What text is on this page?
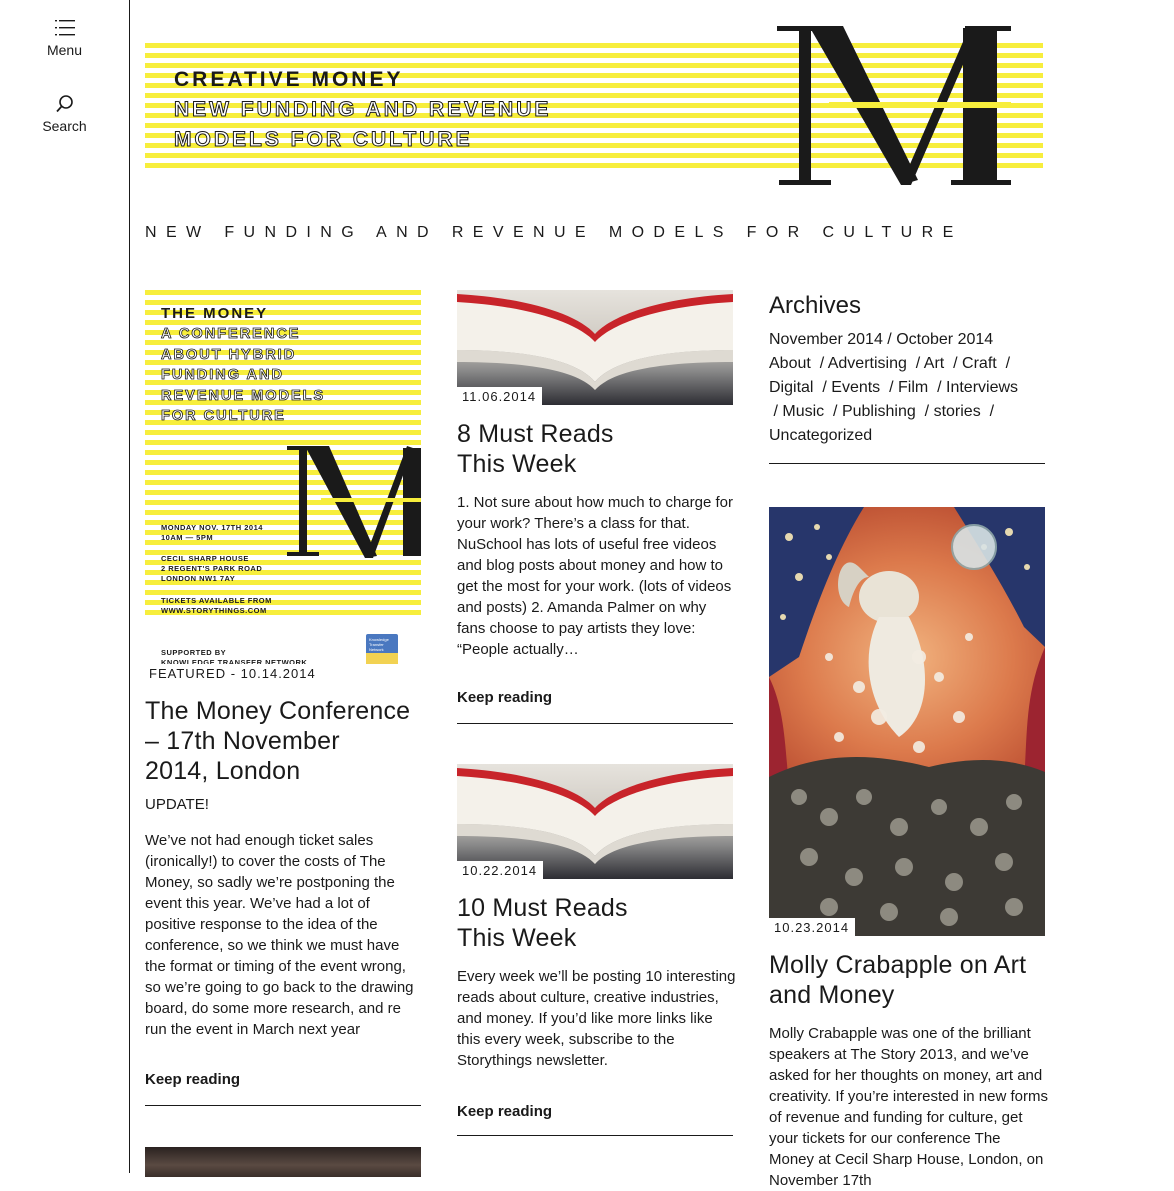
Menu
Search
CREATIVE MONEY
NEW FUNDING AND REVENUE
MODELS FOR CULTURE
NEW FUNDING AND REVENUE MODELS FOR CULTURE
THE MONEY
A CONFERENCE
ABOUT HYBRID
FUNDING AND
REVENUE MODELS
FOR CULTURE
MONDAY NOV. 17TH 2014
10AM — 5PM
CECIL SHARP HOUSE
2 REGENT'S PARK ROAD
LONDON NW1 7AY
TICKETS AVAILABLE FROM
WWW.STORYTHINGS.COM
SUPPORTED BY
KNOWLEDGE TRANSFER NETWORK
Knowledge Transfer Network
FEATURED - 10.14.2014
The Money Conference
– 17th November
2014, London

UPDATE!

We’ve not had enough ticket sales (ironically!) to cover the costs of The Money, so sadly we’re postponing the event this year. We’ve had a lot of positive response to the idea of the conference, so we think we must have the format or timing of the event wrong, so we’re going to go back to the drawing board, do some more research, and re run the event in March next year

Keep reading
11.06.2014
8 Must Reads
This Week

1. Not sure about how much to charge for your work? There’s a class for that. NuSchool has lots of useful free videos and blog posts about money and how to get the most for your work. (lots of videos and posts) 2. Amanda Palmer on why fans choose to pay artists they love: “People actually…

Keep reading
10.22.2014
10 Must Reads
This Week

Every week we’ll be posting 10 interesting reads about culture, creative industries, and money. If you’d like more links like this every week, subscribe to the Storythings newsletter.

Keep reading
Archives
November 2014 / October 2014
About / Advertising / Art / Craft /
Digital / Events / Film / Interviews
/ Music / Publishing / stories /
Uncategorized
10.23.2014
Molly Crabapple on Art
and Money

Molly Crabapple was one of the brilliant speakers at The Story 2013, and we’ve asked for her thoughts on money, art and creativity. If you’re interested in new forms of revenue and funding for culture, get your tickets for our conference The Money at Cecil Sharp House, London, on November 17th
